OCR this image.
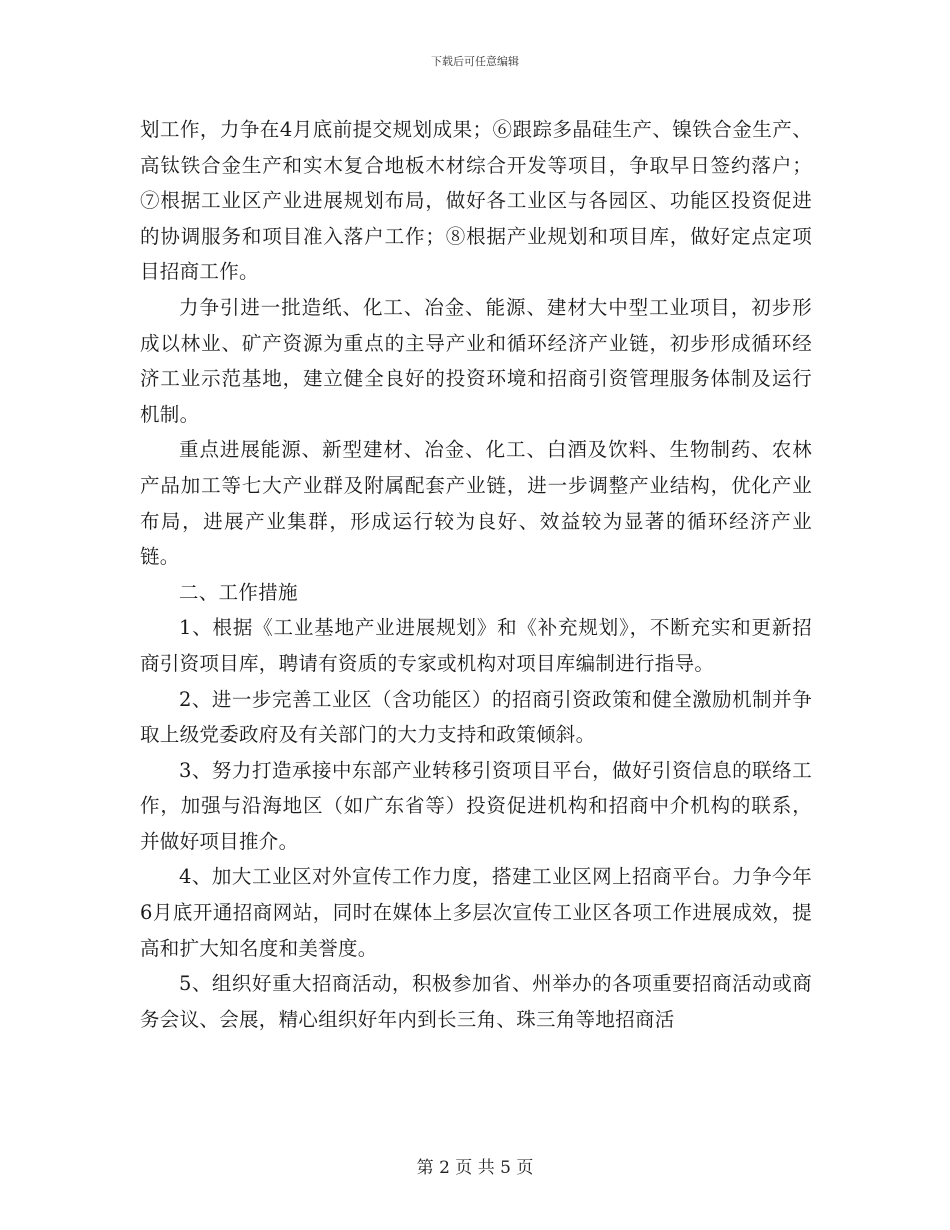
下载后可任意编辑

划工作，力争在4月底前提交规划成果；⑥跟踪多晶硅生产、镍铁合金生产、高钛铁合金生产和实木复合地板木材综合开发等项目，争取早日签约落户；⑦根据工业区产业进展规划布局，做好各工业区与各园区、功能区投资促进的协调服务和项目准入落户工作；⑧根据产业规划和项目库，做好定点定项目招商工作。

力争引进一批造纸、化工、冶金、能源、建材大中型工业项目，初步形成以林业、矿产资源为重点的主导产业和循环经济产业链，初步形成循环经济工业示范基地，建立健全良好的投资环境和招商引资管理服务体制及运行机制。

重点进展能源、新型建材、冶金、化工、白酒及饮料、生物制药、农林产品加工等七大产业群及附属配套产业链，进一步调整产业结构，优化产业布局，进展产业集群，形成运行较为良好、效益较为显著的循环经济产业链。

二、工作措施

1、根据《工业基地产业进展规划》和《补充规划》，不断充实和更新招商引资项目库，聘请有资质的专家或机构对项目库编制进行指导。

2、进一步完善工业区（含功能区）的招商引资政策和健全激励机制并争取上级党委政府及有关部门的大力支持和政策倾斜。

3、努力打造承接中东部产业转移引资项目平台，做好引资信息的联络工作，加强与沿海地区（如广东省等）投资促进机构和招商中介机构的联系，并做好项目推介。

4、加大工业区对外宣传工作力度，搭建工业区网上招商平台。力争今年6月底开通招商网站，同时在媒体上多层次宣传工业区各项工作进展成效，提高和扩大知名度和美誉度。

5、组织好重大招商活动，积极参加省、州举办的各项重要招商活动或商务会议、会展，精心组织好年内到长三角、珠三角等地招商活

第 2 页 共 5 页
